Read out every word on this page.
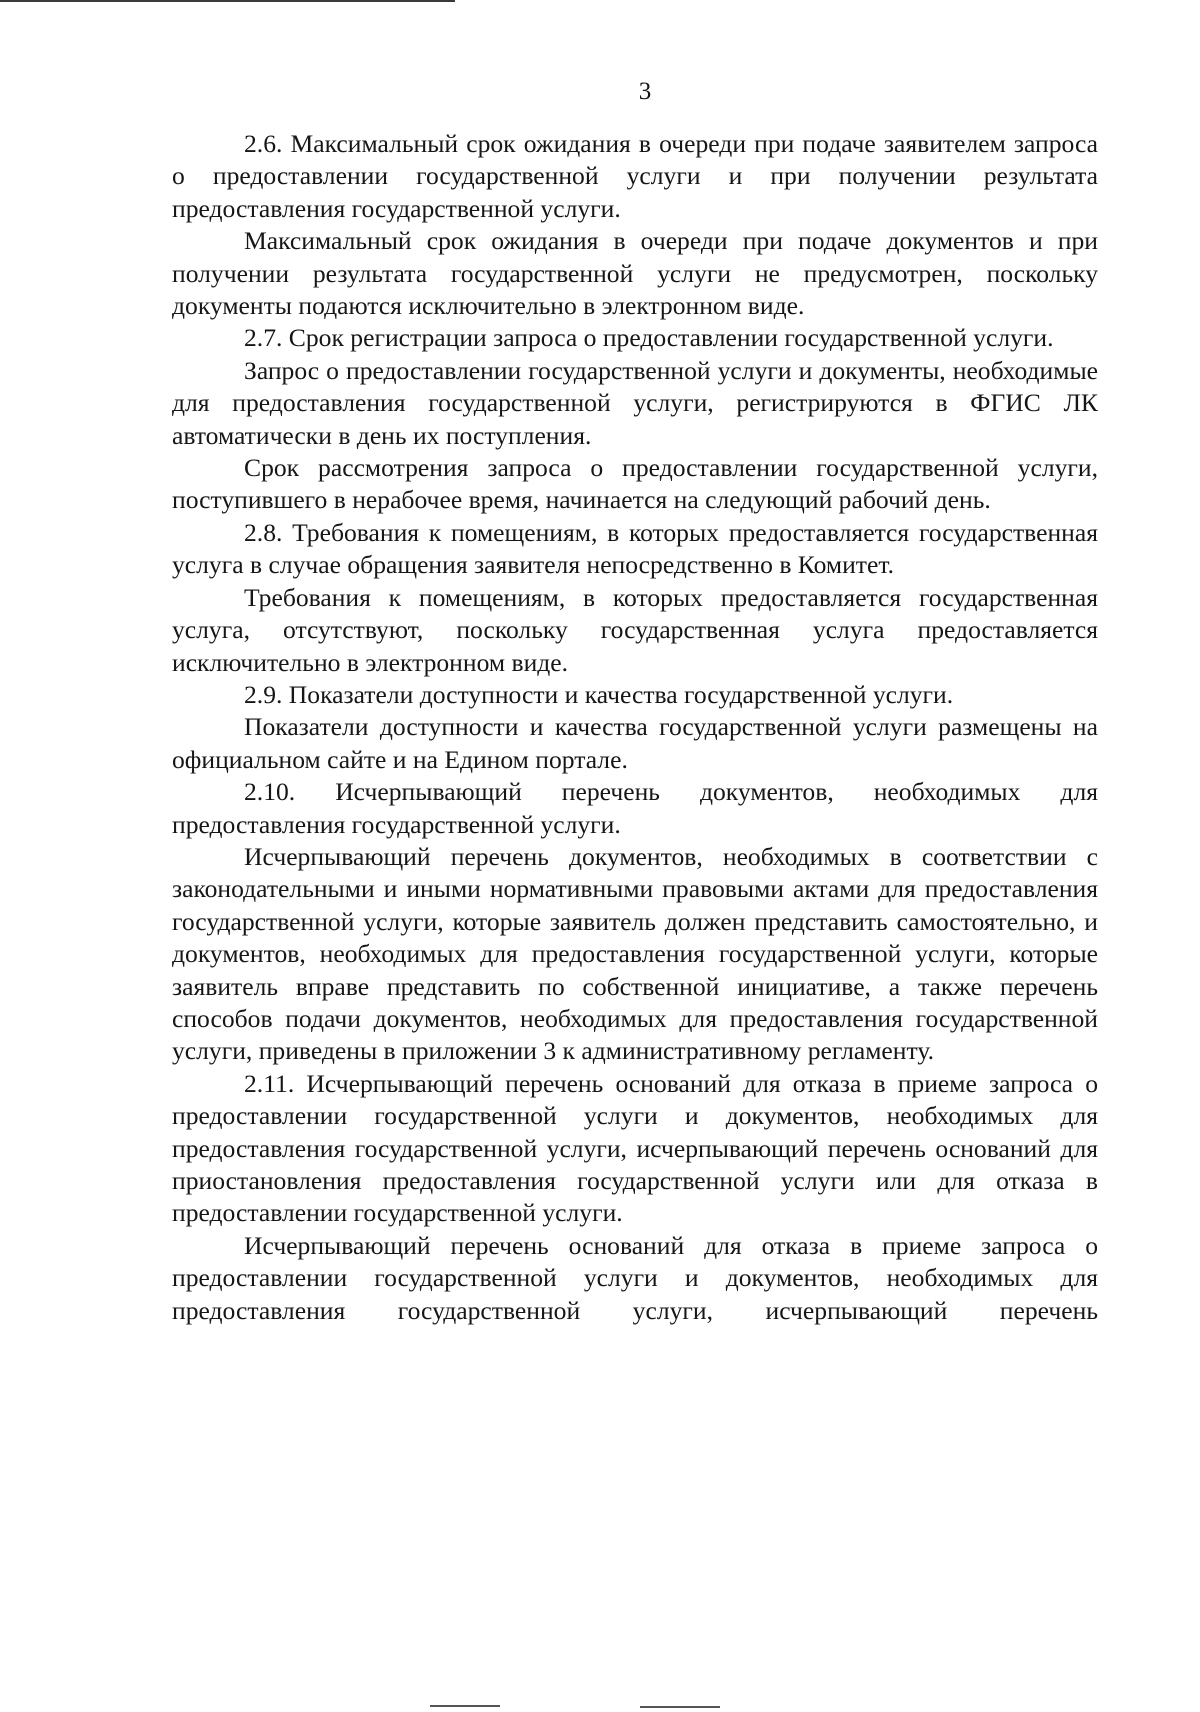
3

2.6. Максимальный срок ожидания в очереди при подаче заявителем запроса о предоставлении государственной услуги и при получении результата предоставления государственной услуги.

Максимальный срок ожидания в очереди при подаче документов и при получении результата государственной услуги не предусмотрен, поскольку документы подаются исключительно в электронном виде.

2.7. Срок регистрации запроса о предоставлении государственной услуги.

Запрос о предоставлении государственной услуги и документы, необходимые для предоставления государственной услуги, регистрируются в ФГИС ЛК автоматически в день их поступления.

Срок рассмотрения запроса о предоставлении государственной услуги, поступившего в нерабочее время, начинается на следующий рабочий день.

2.8. Требования к помещениям, в которых предоставляется государственная услуга в случае обращения заявителя непосредственно в Комитет.

Требования к помещениям, в которых предоставляется государственная услуга, отсутствуют, поскольку государственная услуга предоставляется исключительно в электронном виде.

2.9. Показатели доступности и качества государственной услуги.

Показатели доступности и качества государственной услуги размещены на официальном сайте и на Едином портале.

2.10. Исчерпывающий перечень документов, необходимых для предоставления государственной услуги.

Исчерпывающий перечень документов, необходимых в соответствии с законодательными и иными нормативными правовыми актами для предоставления государственной услуги, которые заявитель должен представить самостоятельно, и документов, необходимых для предоставления государственной услуги, которые заявитель вправе представить по собственной инициативе, а также перечень способов подачи документов, необходимых для предоставления государственной услуги, приведены в приложении 3 к административному регламенту.

2.11. Исчерпывающий перечень оснований для отказа в приеме запроса о предоставлении государственной услуги и документов, необходимых для предоставления государственной услуги, исчерпывающий перечень оснований для приостановления предоставления государственной услуги или для отказа в предоставлении государственной услуги.

Исчерпывающий перечень оснований для отказа в приеме запроса о предоставлении государственной услуги и документов, необходимых для предоставления государственной услуги, исчерпывающий перечень
